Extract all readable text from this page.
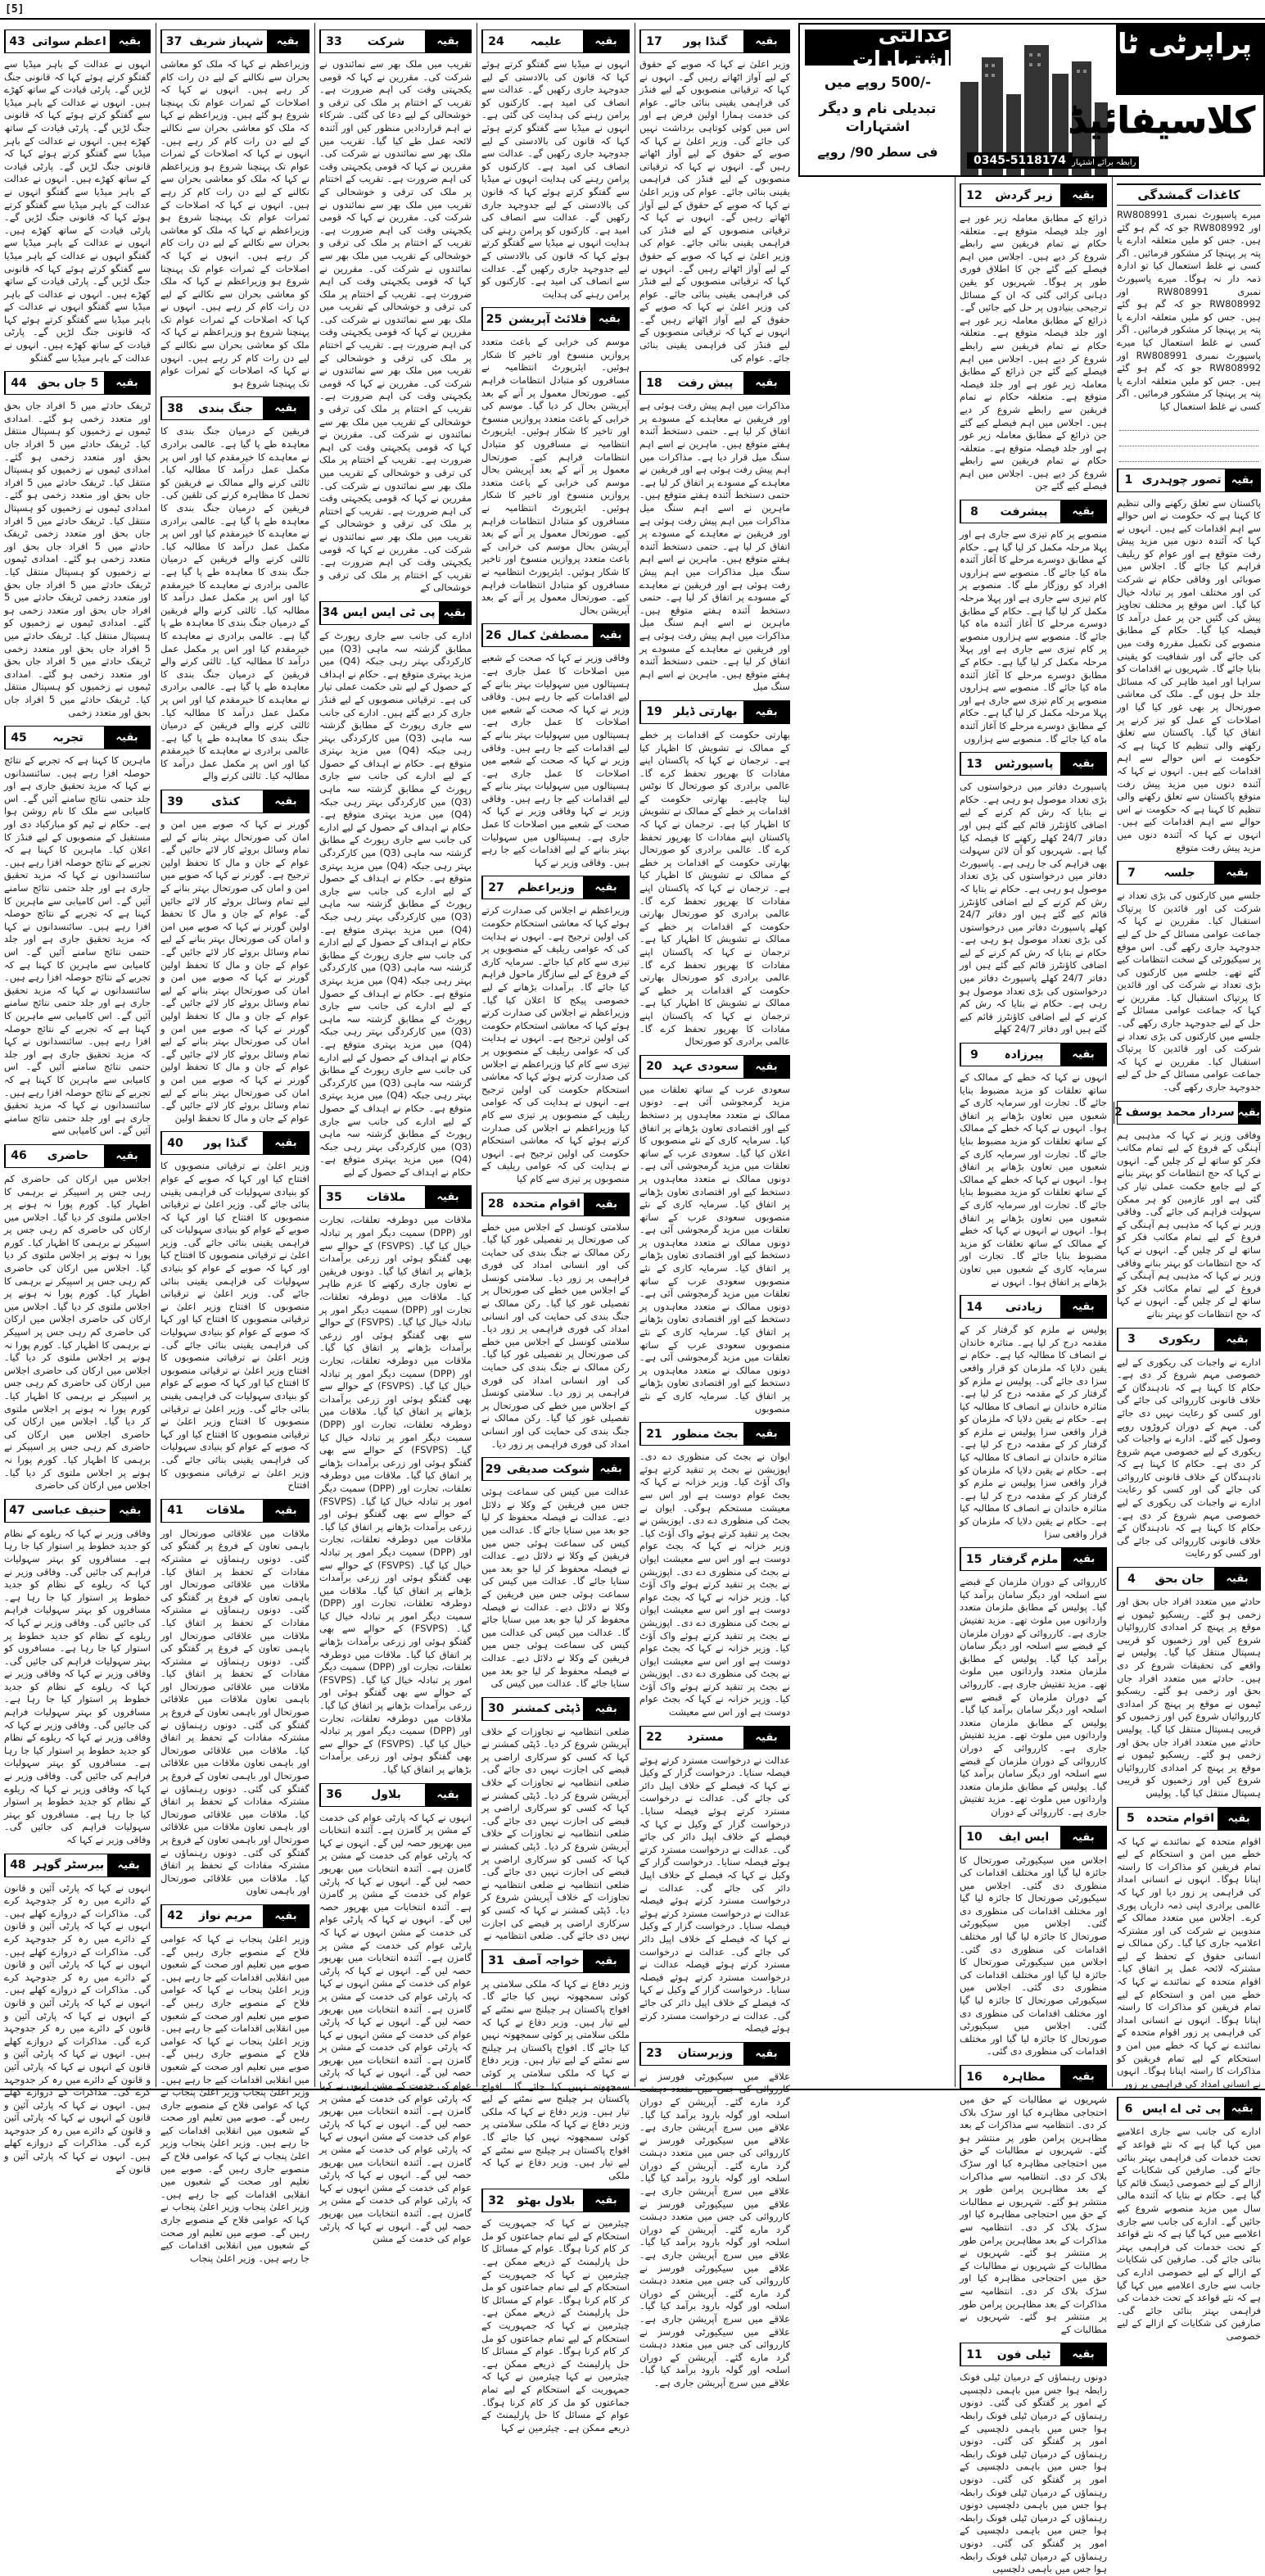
[5]
عدالتی اشتہارات
-/500 روپے میں
تبدیلی نام و دیگر اشتہارات
فی سطر 90/ روپے
پراپرٹی ٹائم
کلاسیفائیڈ
0345-5118174 رابطہ برائے اشتہار
کاغذات گمشدگی
میرے پاسپورٹ نمبری RW808991 اور RW808992 جو کہ گم ہو گئے ہیں۔ جس کو ملیں متعلقہ ادارے یا پتہ پر پہنچا کر مشکور فرمائیں۔ اگر کسی نے غلط استعمال کیا تو ادارہ ذمہ دار نہ ہوگا۔ میرے پاسپورٹ نمبری RW808991 اور RW808992 جو کہ گم ہو گئے ہیں۔ جس کو ملیں متعلقہ ادارے یا پتہ پر پہنچا کر مشکور فرمائیں۔ اگر کسی نے غلط استعمال کیا میرے پاسپورٹ نمبری RW808991 اور RW808992 جو کہ گم ہو گئے ہیں۔ جس کو ملیں متعلقہ ادارے یا پتہ پر پہنچا کر مشکور فرمائیں۔ اگر کسی نے غلط استعمال کیا
بقیہ
تصور چوہدری
1
پاکستان سے تعلق رکھنے والی تنظیم کا کہنا ہے کہ حکومت نے اس حوالے سے اہم اقدامات کیے ہیں۔ انہوں نے کہا کہ آئندہ دنوں میں مزید پیش رفت متوقع ہے اور عوام کو ریلیف فراہم کیا جائے گا۔ اجلاس میں صوبائی اور وفاقی حکام نے شرکت کی اور مختلف امور پر تبادلہ خیال کیا گیا۔ اس موقع پر مختلف تجاویز پیش کی گئیں جن پر عمل درآمد کا فیصلہ کیا گیا۔ حکام کے مطابق منصوبے کی تکمیل مقررہ وقت میں کی جائے گی اور شفافیت کو یقینی بنایا جائے گا۔ شہریوں نے اقدامات کو سراہا اور امید ظاہر کی کہ مسائل جلد حل ہوں گے۔ ملک کی معاشی صورتحال پر بھی غور کیا گیا اور اصلاحات کے عمل کو تیز کرنے پر اتفاق کیا گیا۔ پاکستان سے تعلق رکھنے والی تنظیم کا کہنا ہے کہ حکومت نے اس حوالے سے اہم اقدامات کیے ہیں۔ انہوں نے کہا کہ آئندہ دنوں میں مزید پیش رفت متوقع پاکستان سے تعلق رکھنے والی تنظیم کا کہنا ہے کہ حکومت نے اس حوالے سے اہم اقدامات کیے ہیں۔ انہوں نے کہا کہ آئندہ دنوں میں مزید پیش رفت متوقع
بقیہ
جلسہ
7
جلسے میں کارکنوں کی بڑی تعداد نے شرکت کی اور قائدین کا پرتپاک استقبال کیا۔ مقررین نے کہا کہ جماعت عوامی مسائل کے حل کے لیے جدوجہد جاری رکھے گی۔ اس موقع پر سیکیورٹی کے سخت انتظامات کیے گئے تھے۔ جلسے میں کارکنوں کی بڑی تعداد نے شرکت کی اور قائدین کا پرتپاک استقبال کیا۔ مقررین نے کہا کہ جماعت عوامی مسائل کے حل کے لیے جدوجہد جاری رکھے گی۔ جلسے میں کارکنوں کی بڑی تعداد نے شرکت کی اور قائدین کا پرتپاک استقبال کیا۔ مقررین نے کہا کہ جماعت عوامی مسائل کے حل کے لیے جدوجہد جاری رکھے گی۔
بقیہ
سردار محمد یوسف
2
وفاقی وزیر نے کہا کہ مذہبی ہم آہنگی کے فروغ کے لیے تمام مکاتب فکر کو ساتھ لے کر چلیں گے۔ انہوں نے کہا کہ حج انتظامات کو بہتر بنانے کے لیے جامع حکمت عملی تیار کی گئی ہے اور عازمین کو ہر ممکن سہولت فراہم کی جائے گی۔ وفاقی وزیر نے کہا کہ مذہبی ہم آہنگی کے فروغ کے لیے تمام مکاتب فکر کو ساتھ لے کر چلیں گے۔ انہوں نے کہا کہ حج انتظامات کو بہتر بنانے وفاقی وزیر نے کہا کہ مذہبی ہم آہنگی کے فروغ کے لیے تمام مکاتب فکر کو ساتھ لے کر چلیں گے۔ انہوں نے کہا کہ حج انتظامات کو بہتر بنانے
بقیہ
ریکوری
3
ادارے نے واجبات کی ریکوری کے لیے خصوصی مہم شروع کر دی ہے۔ حکام کا کہنا ہے کہ نادہندگان کے خلاف قانونی کارروائی کی جائے گی اور کسی کو رعایت نہیں دی جائے گی۔ مہم کے دوران کروڑوں روپے وصول کیے گئے۔ ادارے نے واجبات کی ریکوری کے لیے خصوصی مہم شروع کر دی ہے۔ حکام کا کہنا ہے کہ نادہندگان کے خلاف قانونی کارروائی کی جائے گی اور کسی کو رعایت ادارے نے واجبات کی ریکوری کے لیے خصوصی مہم شروع کر دی ہے۔ حکام کا کہنا ہے کہ نادہندگان کے خلاف قانونی کارروائی کی جائے گی اور کسی کو رعایت
بقیہ
جان بحق
4
حادثے میں متعدد افراد جاں بحق اور زخمی ہو گئے۔ ریسکیو ٹیموں نے موقع پر پہنچ کر امدادی کارروائیاں شروع کیں اور زخمیوں کو قریبی ہسپتال منتقل کیا گیا۔ پولیس نے واقعے کی تحقیقات شروع کر دی ہیں۔ حادثے میں متعدد افراد جاں بحق اور زخمی ہو گئے۔ ریسکیو ٹیموں نے موقع پر پہنچ کر امدادی کارروائیاں شروع کیں اور زخمیوں کو قریبی ہسپتال منتقل کیا گیا۔ پولیس حادثے میں متعدد افراد جاں بحق اور زخمی ہو گئے۔ ریسکیو ٹیموں نے موقع پر پہنچ کر امدادی کارروائیاں شروع کیں اور زخمیوں کو قریبی ہسپتال منتقل کیا گیا۔ پولیس
بقیہ
اقوام متحدہ
5
اقوام متحدہ کے نمائندے نے کہا کہ خطے میں امن و استحکام کے لیے تمام فریقین کو مذاکرات کا راستہ اپنانا ہوگا۔ انہوں نے انسانی امداد کی فراہمی پر زور دیا اور کہا کہ عالمی برادری اپنی ذمہ داریاں پوری کرے۔ اجلاس میں متعدد ممالک کے مندوبین نے شرکت کی اور مشترکہ اعلامیہ جاری کیا گیا۔ رکن ممالک نے انسانی حقوق کے تحفظ کے لیے مشترکہ لائحہ عمل پر اتفاق کیا۔ اقوام متحدہ کے نمائندے نے کہا کہ خطے میں امن و استحکام کے لیے تمام فریقین کو مذاکرات کا راستہ اپنانا ہوگا۔ انہوں نے انسانی امداد کی فراہمی پر زور اقوام متحدہ کے نمائندے نے کہا کہ خطے میں امن و استحکام کے لیے تمام فریقین کو مذاکرات کا راستہ اپنانا ہوگا۔ انہوں نے انسانی امداد کی فراہمی پر زور
بقیہ
پی ٹی اے ایس
6
ادارے کی جانب سے جاری اعلامیے میں کہا گیا ہے کہ نئے قواعد کے تحت خدمات کی فراہمی بہتر بنائی جائے گی۔ صارفین کی شکایات کے ازالے کے لیے خصوصی ڈیسک قائم کیا گیا ہے۔ حکام نے بتایا کہ آئندہ مالی سال میں مزید منصوبے شروع کیے جائیں گے۔ ادارے کی جانب سے جاری اعلامیے میں کہا گیا ہے کہ نئے قواعد کے تحت خدمات کی فراہمی بہتر بنائی جائے گی۔ صارفین کی شکایات کے ازالے کے لیے خصوصی ادارے کی جانب سے جاری اعلامیے میں کہا گیا ہے کہ نئے قواعد کے تحت خدمات کی فراہمی بہتر بنائی جائے گی۔ صارفین کی شکایات کے ازالے کے لیے خصوصی
بقیہ
زیر گردش
12
ذرائع کے مطابق معاملہ زیر غور ہے اور جلد فیصلہ متوقع ہے۔ متعلقہ حکام نے تمام فریقین سے رابطے شروع کر دیے ہیں۔ اجلاس میں اہم فیصلے کیے گئے جن کا اطلاق فوری طور پر ہوگا۔ شہریوں کو یقین دہانی کرائی گئی کہ ان کے مسائل ترجیحی بنیادوں پر حل کیے جائیں گے۔ ذرائع کے مطابق معاملہ زیر غور ہے اور جلد فیصلہ متوقع ہے۔ متعلقہ حکام نے تمام فریقین سے رابطے شروع کر دیے ہیں۔ اجلاس میں اہم فیصلے کیے گئے جن ذرائع کے مطابق معاملہ زیر غور ہے اور جلد فیصلہ متوقع ہے۔ متعلقہ حکام نے تمام فریقین سے رابطے شروع کر دیے ہیں۔ اجلاس میں اہم فیصلے کیے گئے جن ذرائع کے مطابق معاملہ زیر غور ہے اور جلد فیصلہ متوقع ہے۔ متعلقہ حکام نے تمام فریقین سے رابطے شروع کر دیے ہیں۔ اجلاس میں اہم فیصلے کیے گئے جن
بقیہ
پیشرفت
8
منصوبے پر کام تیزی سے جاری ہے اور پہلا مرحلہ مکمل کر لیا گیا ہے۔ حکام کے مطابق دوسرے مرحلے کا آغاز آئندہ ماہ کیا جائے گا۔ منصوبے سے ہزاروں افراد کو روزگار ملے گا۔ منصوبے پر کام تیزی سے جاری ہے اور پہلا مرحلہ مکمل کر لیا گیا ہے۔ حکام کے مطابق دوسرے مرحلے کا آغاز آئندہ ماہ کیا جائے گا۔ منصوبے سے ہزاروں منصوبے پر کام تیزی سے جاری ہے اور پہلا مرحلہ مکمل کر لیا گیا ہے۔ حکام کے مطابق دوسرے مرحلے کا آغاز آئندہ ماہ کیا جائے گا۔ منصوبے سے ہزاروں منصوبے پر کام تیزی سے جاری ہے اور پہلا مرحلہ مکمل کر لیا گیا ہے۔ حکام کے مطابق دوسرے مرحلے کا آغاز آئندہ ماہ کیا جائے گا۔ منصوبے سے ہزاروں
بقیہ
پاسپورٹس
13
پاسپورٹ دفاتر میں درخواستوں کی بڑی تعداد موصول ہو رہی ہے۔ حکام نے بتایا کہ رش کم کرنے کے لیے اضافی کاؤنٹرز قائم کیے گئے ہیں اور دفاتر 24/7 کھلے رکھنے کا فیصلہ کیا گیا ہے۔ شہریوں کو آن لائن سہولت بھی فراہم کی جا رہی ہے۔ پاسپورٹ دفاتر میں درخواستوں کی بڑی تعداد موصول ہو رہی ہے۔ حکام نے بتایا کہ رش کم کرنے کے لیے اضافی کاؤنٹرز قائم کیے گئے ہیں اور دفاتر 24/7 کھلے پاسپورٹ دفاتر میں درخواستوں کی بڑی تعداد موصول ہو رہی ہے۔ حکام نے بتایا کہ رش کم کرنے کے لیے اضافی کاؤنٹرز قائم کیے گئے ہیں اور دفاتر 24/7 کھلے پاسپورٹ دفاتر میں درخواستوں کی بڑی تعداد موصول ہو رہی ہے۔ حکام نے بتایا کہ رش کم کرنے کے لیے اضافی کاؤنٹرز قائم کیے گئے ہیں اور دفاتر 24/7 کھلے
بقیہ
پیرزادہ
9
انہوں نے کہا کہ خطے کے ممالک کے ساتھ تعلقات کو مزید مضبوط بنایا جائے گا۔ تجارت اور سرمایہ کاری کے شعبوں میں تعاون بڑھانے پر اتفاق ہوا۔ انہوں نے کہا کہ خطے کے ممالک کے ساتھ تعلقات کو مزید مضبوط بنایا جائے گا۔ تجارت اور سرمایہ کاری کے شعبوں میں تعاون بڑھانے پر اتفاق ہوا۔ انہوں نے کہا کہ خطے کے ممالک کے ساتھ تعلقات کو مزید مضبوط بنایا جائے گا۔ تجارت اور سرمایہ کاری کے شعبوں میں تعاون بڑھانے پر اتفاق ہوا۔ انہوں نے انہوں نے کہا کہ خطے کے ممالک کے ساتھ تعلقات کو مزید مضبوط بنایا جائے گا۔ تجارت اور سرمایہ کاری کے شعبوں میں تعاون بڑھانے پر اتفاق ہوا۔ انہوں نے
بقیہ
زیادتی
14
پولیس نے ملزم کو گرفتار کر کے مقدمہ درج کر لیا ہے۔ متاثرہ خاندان نے انصاف کا مطالبہ کیا ہے۔ حکام نے یقین دلایا کہ ملزمان کو قرار واقعی سزا دی جائے گی۔ پولیس نے ملزم کو گرفتار کر کے مقدمہ درج کر لیا ہے۔ متاثرہ خاندان نے انصاف کا مطالبہ کیا ہے۔ حکام نے یقین دلایا کہ ملزمان کو قرار واقعی سزا پولیس نے ملزم کو گرفتار کر کے مقدمہ درج کر لیا ہے۔ متاثرہ خاندان نے انصاف کا مطالبہ کیا ہے۔ حکام نے یقین دلایا کہ ملزمان کو قرار واقعی سزا پولیس نے ملزم کو گرفتار کر کے مقدمہ درج کر لیا ہے۔ متاثرہ خاندان نے انصاف کا مطالبہ کیا ہے۔ حکام نے یقین دلایا کہ ملزمان کو قرار واقعی سزا
بقیہ
ملزم گرفتار
15
کارروائی کے دوران ملزمان کے قبضے سے اسلحہ اور دیگر سامان برآمد کیا گیا۔ پولیس کے مطابق ملزمان متعدد وارداتوں میں ملوث تھے۔ مزید تفتیش جاری ہے۔ کارروائی کے دوران ملزمان کے قبضے سے اسلحہ اور دیگر سامان برآمد کیا گیا۔ پولیس کے مطابق ملزمان متعدد وارداتوں میں ملوث تھے۔ مزید تفتیش جاری ہے۔ کارروائی کے دوران ملزمان کے قبضے سے اسلحہ اور دیگر سامان برآمد کیا گیا۔ پولیس کے مطابق ملزمان متعدد وارداتوں میں ملوث تھے۔ مزید تفتیش جاری ہے۔ کارروائی کے دوران کارروائی کے دوران ملزمان کے قبضے سے اسلحہ اور دیگر سامان برآمد کیا گیا۔ پولیس کے مطابق ملزمان متعدد وارداتوں میں ملوث تھے۔ مزید تفتیش جاری ہے۔ کارروائی کے دوران
بقیہ
ایس ایف
10
اجلاس میں سیکیورٹی صورتحال کا جائزہ لیا گیا اور مختلف اقدامات کی منظوری دی گئی۔ اجلاس میں سیکیورٹی صورتحال کا جائزہ لیا گیا اور مختلف اقدامات کی منظوری دی گئی۔ اجلاس میں سیکیورٹی صورتحال کا جائزہ لیا گیا اور مختلف اقدامات کی منظوری دی گئی۔ اجلاس میں سیکیورٹی صورتحال کا جائزہ لیا گیا اور مختلف اقدامات کی منظوری دی گئی۔ اجلاس میں سیکیورٹی صورتحال کا جائزہ لیا گیا اور مختلف اقدامات کی منظوری دی گئی۔ اجلاس میں سیکیورٹی صورتحال کا جائزہ لیا گیا اور مختلف اقدامات کی منظوری دی گئی۔
بقیہ
مظاہرہ
16
شہریوں نے مطالبات کے حق میں احتجاجی مظاہرہ کیا اور سڑک بلاک کر دی۔ انتظامیہ سے مذاکرات کے بعد مظاہرین پرامن طور پر منتشر ہو گئے۔ شہریوں نے مطالبات کے حق میں احتجاجی مظاہرہ کیا اور سڑک بلاک کر دی۔ انتظامیہ سے مذاکرات کے بعد مظاہرین پرامن طور پر منتشر ہو گئے۔ شہریوں نے مطالبات کے حق میں احتجاجی مظاہرہ کیا اور سڑک بلاک کر دی۔ انتظامیہ سے مذاکرات کے بعد مظاہرین پرامن طور پر منتشر ہو گئے۔ شہریوں نے مطالبات کے شہریوں نے مطالبات کے حق میں احتجاجی مظاہرہ کیا اور سڑک بلاک کر دی۔ انتظامیہ سے مذاکرات کے بعد مظاہرین پرامن طور پر منتشر ہو گئے۔ شہریوں نے مطالبات کے
بقیہ
ٹیلی فون
11
دونوں رہنماؤں کے درمیان ٹیلی فونک رابطہ ہوا جس میں باہمی دلچسپی کے امور پر گفتگو کی گئی۔ دونوں رہنماؤں کے درمیان ٹیلی فونک رابطہ ہوا جس میں باہمی دلچسپی کے امور پر گفتگو کی گئی۔ دونوں رہنماؤں کے درمیان ٹیلی فونک رابطہ ہوا جس میں باہمی دلچسپی کے امور پر گفتگو کی گئی۔ دونوں رہنماؤں کے درمیان ٹیلی فونک رابطہ ہوا جس میں باہمی دلچسپی دونوں رہنماؤں کے درمیان ٹیلی فونک رابطہ ہوا جس میں باہمی دلچسپی کے امور پر گفتگو کی گئی۔ دونوں رہنماؤں کے درمیان ٹیلی فونک رابطہ ہوا جس میں باہمی دلچسپی
بقیہ
گنڈا پور
17
وزیر اعلیٰ نے کہا کہ صوبے کے حقوق کے لیے آواز اٹھاتے رہیں گے۔ انہوں نے کہا کہ ترقیاتی منصوبوں کے لیے فنڈز کی فراہمی یقینی بنائی جائے۔ عوام کی خدمت ہمارا اولین فرض ہے اور اس میں کوئی کوتاہی برداشت نہیں کی جائے گی۔ وزیر اعلیٰ نے کہا کہ صوبے کے حقوق کے لیے آواز اٹھاتے رہیں گے۔ انہوں نے کہا کہ ترقیاتی منصوبوں کے لیے فنڈز کی فراہمی یقینی بنائی جائے۔ عوام کی وزیر اعلیٰ نے کہا کہ صوبے کے حقوق کے لیے آواز اٹھاتے رہیں گے۔ انہوں نے کہا کہ ترقیاتی منصوبوں کے لیے فنڈز کی فراہمی یقینی بنائی جائے۔ عوام کی وزیر اعلیٰ نے کہا کہ صوبے کے حقوق کے لیے آواز اٹھاتے رہیں گے۔ انہوں نے کہا کہ ترقیاتی منصوبوں کے لیے فنڈز کی فراہمی یقینی بنائی جائے۔ عوام کی وزیر اعلیٰ نے کہا کہ صوبے کے حقوق کے لیے آواز اٹھاتے رہیں گے۔ انہوں نے کہا کہ ترقیاتی منصوبوں کے لیے فنڈز کی فراہمی یقینی بنائی جائے۔ عوام کی
بقیہ
پیش رفت
18
مذاکرات میں اہم پیش رفت ہوئی ہے اور فریقین نے معاہدے کے مسودے پر اتفاق کر لیا ہے۔ حتمی دستخط آئندہ ہفتے متوقع ہیں۔ ماہرین نے اسے اہم سنگ میل قرار دیا ہے۔ مذاکرات میں اہم پیش رفت ہوئی ہے اور فریقین نے معاہدے کے مسودے پر اتفاق کر لیا ہے۔ حتمی دستخط آئندہ ہفتے متوقع ہیں۔ ماہرین نے اسے اہم سنگ میل مذاکرات میں اہم پیش رفت ہوئی ہے اور فریقین نے معاہدے کے مسودے پر اتفاق کر لیا ہے۔ حتمی دستخط آئندہ ہفتے متوقع ہیں۔ ماہرین نے اسے اہم سنگ میل مذاکرات میں اہم پیش رفت ہوئی ہے اور فریقین نے معاہدے کے مسودے پر اتفاق کر لیا ہے۔ حتمی دستخط آئندہ ہفتے متوقع ہیں۔ ماہرین نے اسے اہم سنگ میل مذاکرات میں اہم پیش رفت ہوئی ہے اور فریقین نے معاہدے کے مسودے پر اتفاق کر لیا ہے۔ حتمی دستخط آئندہ ہفتے متوقع ہیں۔ ماہرین نے اسے اہم سنگ میل
بقیہ
بھارتی ڈیلر
19
بھارتی حکومت کے اقدامات پر خطے کے ممالک نے تشویش کا اظہار کیا ہے۔ ترجمان نے کہا کہ پاکستان اپنے مفادات کا بھرپور تحفظ کرے گا۔ عالمی برادری کو صورتحال کا نوٹس لینا چاہیے۔ بھارتی حکومت کے اقدامات پر خطے کے ممالک نے تشویش کا اظہار کیا ہے۔ ترجمان نے کہا کہ پاکستان اپنے مفادات کا بھرپور تحفظ کرے گا۔ عالمی برادری کو صورتحال بھارتی حکومت کے اقدامات پر خطے کے ممالک نے تشویش کا اظہار کیا ہے۔ ترجمان نے کہا کہ پاکستان اپنے مفادات کا بھرپور تحفظ کرے گا۔ عالمی برادری کو صورتحال بھارتی حکومت کے اقدامات پر خطے کے ممالک نے تشویش کا اظہار کیا ہے۔ ترجمان نے کہا کہ پاکستان اپنے مفادات کا بھرپور تحفظ کرے گا۔ عالمی برادری کو صورتحال بھارتی حکومت کے اقدامات پر خطے کے ممالک نے تشویش کا اظہار کیا ہے۔ ترجمان نے کہا کہ پاکستان اپنے مفادات کا بھرپور تحفظ کرے گا۔ عالمی برادری کو صورتحال
بقیہ
سعودی عہد
20
سعودی عرب کے ساتھ تعلقات میں مزید گرمجوشی آئی ہے۔ دونوں ممالک نے متعدد معاہدوں پر دستخط کیے اور اقتصادی تعاون بڑھانے پر اتفاق کیا۔ سرمایہ کاری کے نئے منصوبوں کا اعلان کیا گیا۔ سعودی عرب کے ساتھ تعلقات میں مزید گرمجوشی آئی ہے۔ دونوں ممالک نے متعدد معاہدوں پر دستخط کیے اور اقتصادی تعاون بڑھانے پر اتفاق کیا۔ سرمایہ کاری کے نئے منصوبوں سعودی عرب کے ساتھ تعلقات میں مزید گرمجوشی آئی ہے۔ دونوں ممالک نے متعدد معاہدوں پر دستخط کیے اور اقتصادی تعاون بڑھانے پر اتفاق کیا۔ سرمایہ کاری کے نئے منصوبوں سعودی عرب کے ساتھ تعلقات میں مزید گرمجوشی آئی ہے۔ دونوں ممالک نے متعدد معاہدوں پر دستخط کیے اور اقتصادی تعاون بڑھانے پر اتفاق کیا۔ سرمایہ کاری کے نئے منصوبوں سعودی عرب کے ساتھ تعلقات میں مزید گرمجوشی آئی ہے۔ دونوں ممالک نے متعدد معاہدوں پر دستخط کیے اور اقتصادی تعاون بڑھانے پر اتفاق کیا۔ سرمایہ کاری کے نئے منصوبوں
بقیہ
بجٹ منظور
21
ایوان نے بجٹ کی منظوری دے دی۔ اپوزیشن نے بجٹ پر تنقید کرتے ہوئے واک آؤٹ کیا۔ وزیر خزانہ نے کہا کہ بجٹ عوام دوست ہے اور اس سے معیشت مستحکم ہوگی۔ ایوان نے بجٹ کی منظوری دے دی۔ اپوزیشن نے بجٹ پر تنقید کرتے ہوئے واک آؤٹ کیا۔ وزیر خزانہ نے کہا کہ بجٹ عوام دوست ہے اور اس سے معیشت ایوان نے بجٹ کی منظوری دے دی۔ اپوزیشن نے بجٹ پر تنقید کرتے ہوئے واک آؤٹ کیا۔ وزیر خزانہ نے کہا کہ بجٹ عوام دوست ہے اور اس سے معیشت ایوان نے بجٹ کی منظوری دے دی۔ اپوزیشن نے بجٹ پر تنقید کرتے ہوئے واک آؤٹ کیا۔ وزیر خزانہ نے کہا کہ بجٹ عوام دوست ہے اور اس سے معیشت ایوان نے بجٹ کی منظوری دے دی۔ اپوزیشن نے بجٹ پر تنقید کرتے ہوئے واک آؤٹ کیا۔ وزیر خزانہ نے کہا کہ بجٹ عوام دوست ہے اور اس سے معیشت
بقیہ
مسترد
22
عدالت نے درخواست مسترد کرتے ہوئے فیصلہ سنایا۔ درخواست گزار کے وکیل نے کہا کہ فیصلے کے خلاف اپیل دائر کی جائے گی۔ عدالت نے درخواست مسترد کرتے ہوئے فیصلہ سنایا۔ درخواست گزار کے وکیل نے کہا کہ فیصلے کے خلاف اپیل دائر کی جائے گی۔ عدالت نے درخواست مسترد کرتے ہوئے فیصلہ سنایا۔ درخواست گزار کے وکیل نے کہا کہ فیصلے کے خلاف اپیل دائر کی جائے گی۔ عدالت نے درخواست مسترد کرتے ہوئے فیصلہ عدالت نے درخواست مسترد کرتے ہوئے فیصلہ سنایا۔ درخواست گزار کے وکیل نے کہا کہ فیصلے کے خلاف اپیل دائر کی جائے گی۔ عدالت نے درخواست مسترد کرتے ہوئے فیصلہ عدالت نے درخواست مسترد کرتے ہوئے فیصلہ سنایا۔ درخواست گزار کے وکیل نے کہا کہ فیصلے کے خلاف اپیل دائر کی جائے گی۔ عدالت نے درخواست مسترد کرتے ہوئے فیصلہ
بقیہ
وزیرستان
23
علاقے میں سیکیورٹی فورسز نے کارروائی کی جس میں متعدد دہشت گرد مارے گئے۔ آپریشن کے دوران اسلحہ اور گولہ بارود برآمد کیا گیا۔ علاقے میں سرچ آپریشن جاری ہے۔ علاقے میں سیکیورٹی فورسز نے کارروائی کی جس میں متعدد دہشت گرد مارے گئے۔ آپریشن کے دوران اسلحہ اور گولہ بارود برآمد کیا گیا۔ علاقے میں سرچ آپریشن جاری ہے۔ علاقے میں سیکیورٹی فورسز نے کارروائی کی جس میں متعدد دہشت گرد مارے گئے۔ آپریشن کے دوران اسلحہ اور گولہ بارود برآمد کیا گیا۔ علاقے میں سرچ آپریشن جاری ہے۔ علاقے میں سیکیورٹی فورسز نے کارروائی کی جس میں متعدد دہشت گرد مارے گئے۔ آپریشن کے دوران اسلحہ اور گولہ بارود برآمد کیا گیا۔ علاقے میں سرچ آپریشن جاری ہے۔ علاقے میں سیکیورٹی فورسز نے کارروائی کی جس میں متعدد دہشت گرد مارے گئے۔ آپریشن کے دوران اسلحہ اور گولہ بارود برآمد کیا گیا۔ علاقے میں سرچ آپریشن جاری ہے۔
بقیہ
علیمہ
24
انہوں نے میڈیا سے گفتگو کرتے ہوئے کہا کہ قانون کی بالادستی کے لیے جدوجہد جاری رکھیں گے۔ عدالت سے انصاف کی امید ہے۔ کارکنوں کو پرامن رہنے کی ہدایت کی گئی ہے۔ انہوں نے میڈیا سے گفتگو کرتے ہوئے کہا کہ قانون کی بالادستی کے لیے جدوجہد جاری رکھیں گے۔ عدالت سے انصاف کی امید ہے۔ کارکنوں کو پرامن رہنے کی ہدایت انہوں نے میڈیا سے گفتگو کرتے ہوئے کہا کہ قانون کی بالادستی کے لیے جدوجہد جاری رکھیں گے۔ عدالت سے انصاف کی امید ہے۔ کارکنوں کو پرامن رہنے کی ہدایت انہوں نے میڈیا سے گفتگو کرتے ہوئے کہا کہ قانون کی بالادستی کے لیے جدوجہد جاری رکھیں گے۔ عدالت سے انصاف کی امید ہے۔ کارکنوں کو پرامن رہنے کی ہدایت
بقیہ
فلائٹ آپریشن
25
موسم کی خرابی کے باعث متعدد پروازیں منسوخ اور تاخیر کا شکار ہوئیں۔ ایئرپورٹ انتظامیہ نے مسافروں کو متبادل انتظامات فراہم کیے۔ صورتحال معمول پر آنے کے بعد آپریشن بحال کر دیا گیا۔ موسم کی خرابی کے باعث متعدد پروازیں منسوخ اور تاخیر کا شکار ہوئیں۔ ایئرپورٹ انتظامیہ نے مسافروں کو متبادل انتظامات فراہم کیے۔ صورتحال معمول پر آنے کے بعد آپریشن بحال موسم کی خرابی کے باعث متعدد پروازیں منسوخ اور تاخیر کا شکار ہوئیں۔ ایئرپورٹ انتظامیہ نے مسافروں کو متبادل انتظامات فراہم کیے۔ صورتحال معمول پر آنے کے بعد آپریشن بحال موسم کی خرابی کے باعث متعدد پروازیں منسوخ اور تاخیر کا شکار ہوئیں۔ ایئرپورٹ انتظامیہ نے مسافروں کو متبادل انتظامات فراہم کیے۔ صورتحال معمول پر آنے کے بعد آپریشن بحال
بقیہ
مصطفیٰ کمال
26
وفاقی وزیر نے کہا کہ صحت کے شعبے میں اصلاحات کا عمل جاری ہے۔ ہسپتالوں میں سہولیات بہتر بنانے کے لیے اقدامات کیے جا رہے ہیں۔ وفاقی وزیر نے کہا کہ صحت کے شعبے میں اصلاحات کا عمل جاری ہے۔ ہسپتالوں میں سہولیات بہتر بنانے کے لیے اقدامات کیے جا رہے ہیں۔ وفاقی وزیر نے کہا کہ صحت کے شعبے میں اصلاحات کا عمل جاری ہے۔ ہسپتالوں میں سہولیات بہتر بنانے کے لیے اقدامات کیے جا رہے ہیں۔ وفاقی وزیر نے کہا وفاقی وزیر نے کہا کہ صحت کے شعبے میں اصلاحات کا عمل جاری ہے۔ ہسپتالوں میں سہولیات بہتر بنانے کے لیے اقدامات کیے جا رہے ہیں۔ وفاقی وزیر نے کہا
بقیہ
وزیراعظم
27
وزیراعظم نے اجلاس کی صدارت کرتے ہوئے کہا کہ معاشی استحکام حکومت کی اولین ترجیح ہے۔ انہوں نے ہدایت کی کہ عوامی ریلیف کے منصوبوں پر تیزی سے کام کیا جائے۔ سرمایہ کاری کے فروغ کے لیے سازگار ماحول فراہم کیا جائے گا۔ برآمدات بڑھانے کے لیے خصوصی پیکج کا اعلان کیا گیا۔ وزیراعظم نے اجلاس کی صدارت کرتے ہوئے کہا کہ معاشی استحکام حکومت کی اولین ترجیح ہے۔ انہوں نے ہدایت کی کہ عوامی ریلیف کے منصوبوں پر تیزی سے کام کیا وزیراعظم نے اجلاس کی صدارت کرتے ہوئے کہا کہ معاشی استحکام حکومت کی اولین ترجیح ہے۔ انہوں نے ہدایت کی کہ عوامی ریلیف کے منصوبوں پر تیزی سے کام کیا وزیراعظم نے اجلاس کی صدارت کرتے ہوئے کہا کہ معاشی استحکام حکومت کی اولین ترجیح ہے۔ انہوں نے ہدایت کی کہ عوامی ریلیف کے منصوبوں پر تیزی سے کام کیا
بقیہ
اقوام متحدہ
28
سلامتی کونسل کے اجلاس میں خطے کی صورتحال پر تفصیلی غور کیا گیا۔ رکن ممالک نے جنگ بندی کی حمایت کی اور انسانی امداد کی فوری فراہمی پر زور دیا۔ سلامتی کونسل کے اجلاس میں خطے کی صورتحال پر تفصیلی غور کیا گیا۔ رکن ممالک نے جنگ بندی کی حمایت کی اور انسانی امداد کی فوری فراہمی پر زور دیا۔ سلامتی کونسل کے اجلاس میں خطے کی صورتحال پر تفصیلی غور کیا گیا۔ رکن ممالک نے جنگ بندی کی حمایت کی اور انسانی امداد کی فوری فراہمی پر زور دیا۔ سلامتی کونسل کے اجلاس میں خطے کی صورتحال پر تفصیلی غور کیا گیا۔ رکن ممالک نے جنگ بندی کی حمایت کی اور انسانی امداد کی فوری فراہمی پر زور دیا۔
بقیہ
شوکت صدیقی
29
عدالت میں کیس کی سماعت ہوئی جس میں فریقین کے وکلا نے دلائل دیے۔ عدالت نے فیصلہ محفوظ کر لیا جو بعد میں سنایا جائے گا۔ عدالت میں کیس کی سماعت ہوئی جس میں فریقین کے وکلا نے دلائل دیے۔ عدالت نے فیصلہ محفوظ کر لیا جو بعد میں سنایا جائے گا۔ عدالت میں کیس کی سماعت ہوئی جس میں فریقین کے وکلا نے دلائل دیے۔ عدالت نے فیصلہ محفوظ کر لیا جو بعد میں سنایا جائے گا۔ عدالت میں کیس کی عدالت میں کیس کی سماعت ہوئی جس میں فریقین کے وکلا نے دلائل دیے۔ عدالت نے فیصلہ محفوظ کر لیا جو بعد میں سنایا جائے گا۔ عدالت میں کیس کی
بقیہ
ڈپٹی کمشنر
30
ضلعی انتظامیہ نے تجاوزات کے خلاف آپریشن شروع کر دیا۔ ڈپٹی کمشنر نے کہا کہ کسی کو سرکاری اراضی پر قبضے کی اجازت نہیں دی جائے گی۔ ضلعی انتظامیہ نے تجاوزات کے خلاف آپریشن شروع کر دیا۔ ڈپٹی کمشنر نے کہا کہ کسی کو سرکاری اراضی پر قبضے کی اجازت نہیں دی جائے گی۔ ضلعی انتظامیہ نے تجاوزات کے خلاف آپریشن شروع کر دیا۔ ڈپٹی کمشنر نے کہا کہ کسی کو سرکاری اراضی پر قبضے کی اجازت نہیں دی جائے گی۔ ضلعی انتظامیہ نے ضلعی انتظامیہ نے تجاوزات کے خلاف آپریشن شروع کر دیا۔ ڈپٹی کمشنر نے کہا کہ کسی کو سرکاری اراضی پر قبضے کی اجازت نہیں دی جائے گی۔ ضلعی انتظامیہ نے
بقیہ
خواجہ آصف
31
وزیر دفاع نے کہا کہ ملکی سلامتی پر کوئی سمجھوتہ نہیں کیا جائے گا۔ افواج پاکستان ہر چیلنج سے نمٹنے کے لیے تیار ہیں۔ وزیر دفاع نے کہا کہ ملکی سلامتی پر کوئی سمجھوتہ نہیں کیا جائے گا۔ افواج پاکستان ہر چیلنج سے نمٹنے کے لیے تیار ہیں۔ وزیر دفاع نے کہا کہ ملکی سلامتی پر کوئی سمجھوتہ نہیں کیا جائے گا۔ افواج پاکستان ہر چیلنج سے نمٹنے کے لیے تیار ہیں۔ وزیر دفاع نے کہا کہ ملکی وزیر دفاع نے کہا کہ ملکی سلامتی پر کوئی سمجھوتہ نہیں کیا جائے گا۔ افواج پاکستان ہر چیلنج سے نمٹنے کے لیے تیار ہیں۔ وزیر دفاع نے کہا کہ ملکی
بقیہ
بلاول بھٹو
32
چیئرمین نے کہا کہ جمہوریت کے استحکام کے لیے تمام جماعتوں کو مل کر کام کرنا ہوگا۔ عوام کے مسائل کا حل پارلیمنٹ کے ذریعے ممکن ہے۔ چیئرمین نے کہا کہ جمہوریت کے استحکام کے لیے تمام جماعتوں کو مل کر کام کرنا ہوگا۔ عوام کے مسائل کا حل پارلیمنٹ کے ذریعے ممکن ہے۔ چیئرمین نے کہا کہ جمہوریت کے استحکام کے لیے تمام جماعتوں کو مل کر کام کرنا ہوگا۔ عوام کے مسائل کا حل پارلیمنٹ کے ذریعے ممکن ہے۔ چیئرمین نے کہا چیئرمین نے کہا کہ جمہوریت کے استحکام کے لیے تمام جماعتوں کو مل کر کام کرنا ہوگا۔ عوام کے مسائل کا حل پارلیمنٹ کے ذریعے ممکن ہے۔ چیئرمین نے کہا
بقیہ
شرکت
33
تقریب میں ملک بھر سے نمائندوں نے شرکت کی۔ مقررین نے کہا کہ قومی یکجہتی وقت کی اہم ضرورت ہے۔ تقریب کے اختتام پر ملک کی ترقی و خوشحالی کے لیے دعا کی گئی۔ شرکاء نے اہم قراردادیں منظور کیں اور آئندہ لائحہ عمل طے کیا گیا۔ تقریب میں ملک بھر سے نمائندوں نے شرکت کی۔ مقررین نے کہا کہ قومی یکجہتی وقت کی اہم ضرورت ہے۔ تقریب کے اختتام پر ملک کی ترقی و خوشحالی کے تقریب میں ملک بھر سے نمائندوں نے شرکت کی۔ مقررین نے کہا کہ قومی یکجہتی وقت کی اہم ضرورت ہے۔ تقریب کے اختتام پر ملک کی ترقی و خوشحالی کے تقریب میں ملک بھر سے نمائندوں نے شرکت کی۔ مقررین نے کہا کہ قومی یکجہتی وقت کی اہم ضرورت ہے۔ تقریب کے اختتام پر ملک کی ترقی و خوشحالی کے تقریب میں ملک بھر سے نمائندوں نے شرکت کی۔ مقررین نے کہا کہ قومی یکجہتی وقت کی اہم ضرورت ہے۔ تقریب کے اختتام پر ملک کی ترقی و خوشحالی کے تقریب میں ملک بھر سے نمائندوں نے شرکت کی۔ مقررین نے کہا کہ قومی یکجہتی وقت کی اہم ضرورت ہے۔ تقریب کے اختتام پر ملک کی ترقی و خوشحالی کے تقریب میں ملک بھر سے نمائندوں نے شرکت کی۔ مقررین نے کہا کہ قومی یکجہتی وقت کی اہم ضرورت ہے۔ تقریب کے اختتام پر ملک کی ترقی و خوشحالی کے تقریب میں ملک بھر سے نمائندوں نے شرکت کی۔ مقررین نے کہا کہ قومی یکجہتی وقت کی اہم ضرورت ہے۔ تقریب کے اختتام پر ملک کی ترقی و خوشحالی کے تقریب میں ملک بھر سے نمائندوں نے شرکت کی۔ مقررین نے کہا کہ قومی یکجہتی وقت کی اہم ضرورت ہے۔ تقریب کے اختتام پر ملک کی ترقی و خوشحالی کے
بقیہ
پی ٹی ایس ایس
34
ادارے کی جانب سے جاری رپورٹ کے مطابق گزشتہ سہ ماہی (Q3) میں کارکردگی بہتر رہی جبکہ (Q4) میں مزید بہتری متوقع ہے۔ حکام نے اہداف کے حصول کے لیے نئی حکمت عملی تیار کی ہے۔ ترقیاتی منصوبوں کے لیے فنڈز جاری کر دیے گئے ہیں۔ ادارے کی جانب سے جاری رپورٹ کے مطابق گزشتہ سہ ماہی (Q3) میں کارکردگی بہتر رہی جبکہ (Q4) میں مزید بہتری متوقع ہے۔ حکام نے اہداف کے حصول کے لیے ادارے کی جانب سے جاری رپورٹ کے مطابق گزشتہ سہ ماہی (Q3) میں کارکردگی بہتر رہی جبکہ (Q4) میں مزید بہتری متوقع ہے۔ حکام نے اہداف کے حصول کے لیے ادارے کی جانب سے جاری رپورٹ کے مطابق گزشتہ سہ ماہی (Q3) میں کارکردگی بہتر رہی جبکہ (Q4) میں مزید بہتری متوقع ہے۔ حکام نے اہداف کے حصول کے لیے ادارے کی جانب سے جاری رپورٹ کے مطابق گزشتہ سہ ماہی (Q3) میں کارکردگی بہتر رہی جبکہ (Q4) میں مزید بہتری متوقع ہے۔ حکام نے اہداف کے حصول کے لیے ادارے کی جانب سے جاری رپورٹ کے مطابق گزشتہ سہ ماہی (Q3) میں کارکردگی بہتر رہی جبکہ (Q4) میں مزید بہتری متوقع ہے۔ حکام نے اہداف کے حصول کے لیے ادارے کی جانب سے جاری رپورٹ کے مطابق گزشتہ سہ ماہی (Q3) میں کارکردگی بہتر رہی جبکہ (Q4) میں مزید بہتری متوقع ہے۔ حکام نے اہداف کے حصول کے لیے ادارے کی جانب سے جاری رپورٹ کے مطابق گزشتہ سہ ماہی (Q3) میں کارکردگی بہتر رہی جبکہ (Q4) میں مزید بہتری متوقع ہے۔ حکام نے اہداف کے حصول کے لیے ادارے کی جانب سے جاری رپورٹ کے مطابق گزشتہ سہ ماہی (Q3) میں کارکردگی بہتر رہی جبکہ (Q4) میں مزید بہتری متوقع ہے۔ حکام نے اہداف کے حصول کے لیے
بقیہ
ملاقات
35
ملاقات میں دوطرفہ تعلقات، تجارت اور (DPP) سمیت دیگر امور پر تبادلہ خیال کیا گیا۔ (FSVPS) کے حوالے سے بھی گفتگو ہوئی اور زرعی برآمدات بڑھانے پر اتفاق کیا گیا۔ دونوں فریقین نے تعاون جاری رکھنے کا عزم ظاہر کیا۔ ملاقات میں دوطرفہ تعلقات، تجارت اور (DPP) سمیت دیگر امور پر تبادلہ خیال کیا گیا۔ (FSVPS) کے حوالے سے بھی گفتگو ہوئی اور زرعی برآمدات بڑھانے پر اتفاق کیا گیا۔ ملاقات میں دوطرفہ تعلقات، تجارت اور (DPP) سمیت دیگر امور پر تبادلہ خیال کیا گیا۔ (FSVPS) کے حوالے سے بھی گفتگو ہوئی اور زرعی برآمدات بڑھانے پر اتفاق کیا گیا۔ ملاقات میں دوطرفہ تعلقات، تجارت اور (DPP) سمیت دیگر امور پر تبادلہ خیال کیا گیا۔ (FSVPS) کے حوالے سے بھی گفتگو ہوئی اور زرعی برآمدات بڑھانے پر اتفاق کیا گیا۔ ملاقات میں دوطرفہ تعلقات، تجارت اور (DPP) سمیت دیگر امور پر تبادلہ خیال کیا گیا۔ (FSVPS) کے حوالے سے بھی گفتگو ہوئی اور زرعی برآمدات بڑھانے پر اتفاق کیا گیا۔ ملاقات میں دوطرفہ تعلقات، تجارت اور (DPP) سمیت دیگر امور پر تبادلہ خیال کیا گیا۔ (FSVPS) کے حوالے سے بھی گفتگو ہوئی اور زرعی برآمدات بڑھانے پر اتفاق کیا گیا۔ ملاقات میں دوطرفہ تعلقات، تجارت اور (DPP) سمیت دیگر امور پر تبادلہ خیال کیا گیا۔ (FSVPS) کے حوالے سے بھی گفتگو ہوئی اور زرعی برآمدات بڑھانے پر اتفاق کیا گیا۔ ملاقات میں دوطرفہ تعلقات، تجارت اور (DPP) سمیت دیگر امور پر تبادلہ خیال کیا گیا۔ (FSVPS) کے حوالے سے بھی گفتگو ہوئی اور زرعی برآمدات بڑھانے پر اتفاق کیا گیا۔ ملاقات میں دوطرفہ تعلقات، تجارت اور (DPP) سمیت دیگر امور پر تبادلہ خیال کیا گیا۔ (FSVPS) کے حوالے سے بھی گفتگو ہوئی اور زرعی برآمدات بڑھانے پر اتفاق کیا گیا۔
بقیہ
بلاول
36
انہوں نے کہا کہ پارٹی عوام کی خدمت کے مشن پر گامزن ہے۔ آئندہ انتخابات میں بھرپور حصہ لیں گے۔ انہوں نے کہا کہ پارٹی عوام کی خدمت کے مشن پر گامزن ہے۔ آئندہ انتخابات میں بھرپور حصہ لیں گے۔ انہوں نے کہا کہ پارٹی عوام کی خدمت کے مشن پر گامزن ہے۔ آئندہ انتخابات میں بھرپور حصہ لیں گے۔ انہوں نے کہا کہ پارٹی عوام کی خدمت کے مشن انہوں نے کہا کہ پارٹی عوام کی خدمت کے مشن پر گامزن ہے۔ آئندہ انتخابات میں بھرپور حصہ لیں گے۔ انہوں نے کہا کہ پارٹی عوام کی خدمت کے مشن انہوں نے کہا کہ پارٹی عوام کی خدمت کے مشن پر گامزن ہے۔ آئندہ انتخابات میں بھرپور حصہ لیں گے۔ انہوں نے کہا کہ پارٹی عوام کی خدمت کے مشن انہوں نے کہا کہ پارٹی عوام کی خدمت کے مشن پر گامزن ہے۔ آئندہ انتخابات میں بھرپور حصہ لیں گے۔ انہوں نے کہا کہ پارٹی عوام کی خدمت کے مشن انہوں نے کہا کہ پارٹی عوام کی خدمت کے مشن پر گامزن ہے۔ آئندہ انتخابات میں بھرپور حصہ لیں گے۔ انہوں نے کہا کہ پارٹی عوام کی خدمت کے مشن انہوں نے کہا کہ پارٹی عوام کی خدمت کے مشن پر گامزن ہے۔ آئندہ انتخابات میں بھرپور حصہ لیں گے۔ انہوں نے کہا کہ پارٹی عوام کی خدمت کے مشن انہوں نے کہا کہ پارٹی عوام کی خدمت کے مشن پر گامزن ہے۔ آئندہ انتخابات میں بھرپور حصہ لیں گے۔ انہوں نے کہا کہ پارٹی عوام کی خدمت کے مشن
بقیہ
شہباز شریف
37
وزیراعظم نے کہا کہ ملک کو معاشی بحران سے نکالنے کے لیے دن رات کام کر رہے ہیں۔ انہوں نے کہا کہ اصلاحات کے ثمرات عوام تک پہنچنا شروع ہو گئے ہیں۔ وزیراعظم نے کہا کہ ملک کو معاشی بحران سے نکالنے کے لیے دن رات کام کر رہے ہیں۔ انہوں نے کہا کہ اصلاحات کے ثمرات عوام تک پہنچنا شروع ہو وزیراعظم نے کہا کہ ملک کو معاشی بحران سے نکالنے کے لیے دن رات کام کر رہے ہیں۔ انہوں نے کہا کہ اصلاحات کے ثمرات عوام تک پہنچنا شروع ہو وزیراعظم نے کہا کہ ملک کو معاشی بحران سے نکالنے کے لیے دن رات کام کر رہے ہیں۔ انہوں نے کہا کہ اصلاحات کے ثمرات عوام تک پہنچنا شروع ہو وزیراعظم نے کہا کہ ملک کو معاشی بحران سے نکالنے کے لیے دن رات کام کر رہے ہیں۔ انہوں نے کہا کہ اصلاحات کے ثمرات عوام تک پہنچنا شروع ہو وزیراعظم نے کہا کہ ملک کو معاشی بحران سے نکالنے کے لیے دن رات کام کر رہے ہیں۔ انہوں نے کہا کہ اصلاحات کے ثمرات عوام تک پہنچنا شروع ہو
بقیہ
جنگ بندی
38
فریقین کے درمیان جنگ بندی کا معاہدہ طے پا گیا ہے۔ عالمی برادری نے معاہدے کا خیرمقدم کیا اور اس پر مکمل عمل درآمد کا مطالبہ کیا۔ ثالثی کرنے والے ممالک نے فریقین کو تحمل کا مظاہرہ کرنے کی تلقین کی۔ فریقین کے درمیان جنگ بندی کا معاہدہ طے پا گیا ہے۔ عالمی برادری نے معاہدے کا خیرمقدم کیا اور اس پر مکمل عمل درآمد کا مطالبہ کیا۔ ثالثی کرنے والے فریقین کے درمیان جنگ بندی کا معاہدہ طے پا گیا ہے۔ عالمی برادری نے معاہدے کا خیرمقدم کیا اور اس پر مکمل عمل درآمد کا مطالبہ کیا۔ ثالثی کرنے والے فریقین کے درمیان جنگ بندی کا معاہدہ طے پا گیا ہے۔ عالمی برادری نے معاہدے کا خیرمقدم کیا اور اس پر مکمل عمل درآمد کا مطالبہ کیا۔ ثالثی کرنے والے فریقین کے درمیان جنگ بندی کا معاہدہ طے پا گیا ہے۔ عالمی برادری نے معاہدے کا خیرمقدم کیا اور اس پر مکمل عمل درآمد کا مطالبہ کیا۔ ثالثی کرنے والے فریقین کے درمیان جنگ بندی کا معاہدہ طے پا گیا ہے۔ عالمی برادری نے معاہدے کا خیرمقدم کیا اور اس پر مکمل عمل درآمد کا مطالبہ کیا۔ ثالثی کرنے والے
بقیہ
کنڈی
39
گورنر نے کہا کہ صوبے میں امن و امان کی صورتحال بہتر بنانے کے لیے تمام وسائل بروئے کار لائے جائیں گے۔ عوام کے جان و مال کا تحفظ اولین ترجیح ہے۔ گورنر نے کہا کہ صوبے میں امن و امان کی صورتحال بہتر بنانے کے لیے تمام وسائل بروئے کار لائے جائیں گے۔ عوام کے جان و مال کا تحفظ اولین گورنر نے کہا کہ صوبے میں امن و امان کی صورتحال بہتر بنانے کے لیے تمام وسائل بروئے کار لائے جائیں گے۔ عوام کے جان و مال کا تحفظ اولین گورنر نے کہا کہ صوبے میں امن و امان کی صورتحال بہتر بنانے کے لیے تمام وسائل بروئے کار لائے جائیں گے۔ عوام کے جان و مال کا تحفظ اولین گورنر نے کہا کہ صوبے میں امن و امان کی صورتحال بہتر بنانے کے لیے تمام وسائل بروئے کار لائے جائیں گے۔ عوام کے جان و مال کا تحفظ اولین گورنر نے کہا کہ صوبے میں امن و امان کی صورتحال بہتر بنانے کے لیے تمام وسائل بروئے کار لائے جائیں گے۔ عوام کے جان و مال کا تحفظ اولین
بقیہ
گنڈا پور
40
وزیر اعلیٰ نے ترقیاتی منصوبوں کا افتتاح کیا اور کہا کہ صوبے کے عوام کو بنیادی سہولیات کی فراہمی یقینی بنائی جائے گی۔ وزیر اعلیٰ نے ترقیاتی منصوبوں کا افتتاح کیا اور کہا کہ صوبے کے عوام کو بنیادی سہولیات کی فراہمی یقینی بنائی جائے گی۔ وزیر اعلیٰ نے ترقیاتی منصوبوں کا افتتاح کیا اور کہا کہ صوبے کے عوام کو بنیادی سہولیات کی فراہمی یقینی بنائی جائے گی۔ وزیر اعلیٰ نے ترقیاتی منصوبوں کا افتتاح وزیر اعلیٰ نے ترقیاتی منصوبوں کا افتتاح کیا اور کہا کہ صوبے کے عوام کو بنیادی سہولیات کی فراہمی یقینی بنائی جائے گی۔ وزیر اعلیٰ نے ترقیاتی منصوبوں کا افتتاح وزیر اعلیٰ نے ترقیاتی منصوبوں کا افتتاح کیا اور کہا کہ صوبے کے عوام کو بنیادی سہولیات کی فراہمی یقینی بنائی جائے گی۔ وزیر اعلیٰ نے ترقیاتی منصوبوں کا افتتاح وزیر اعلیٰ نے ترقیاتی منصوبوں کا افتتاح کیا اور کہا کہ صوبے کے عوام کو بنیادی سہولیات کی فراہمی یقینی بنائی جائے گی۔ وزیر اعلیٰ نے ترقیاتی منصوبوں کا افتتاح
بقیہ
ملاقات
41
ملاقات میں علاقائی صورتحال اور باہمی تعاون کے فروغ پر گفتگو کی گئی۔ دونوں رہنماؤں نے مشترکہ مفادات کے تحفظ پر اتفاق کیا۔ ملاقات میں علاقائی صورتحال اور باہمی تعاون کے فروغ پر گفتگو کی گئی۔ دونوں رہنماؤں نے مشترکہ مفادات کے تحفظ پر اتفاق کیا۔ ملاقات میں علاقائی صورتحال اور باہمی تعاون کے فروغ پر گفتگو کی گئی۔ دونوں رہنماؤں نے مشترکہ مفادات کے تحفظ پر اتفاق کیا۔ ملاقات میں علاقائی صورتحال اور باہمی تعاون ملاقات میں علاقائی صورتحال اور باہمی تعاون کے فروغ پر گفتگو کی گئی۔ دونوں رہنماؤں نے مشترکہ مفادات کے تحفظ پر اتفاق کیا۔ ملاقات میں علاقائی صورتحال اور باہمی تعاون ملاقات میں علاقائی صورتحال اور باہمی تعاون کے فروغ پر گفتگو کی گئی۔ دونوں رہنماؤں نے مشترکہ مفادات کے تحفظ پر اتفاق کیا۔ ملاقات میں علاقائی صورتحال اور باہمی تعاون ملاقات میں علاقائی صورتحال اور باہمی تعاون کے فروغ پر گفتگو کی گئی۔ دونوں رہنماؤں نے مشترکہ مفادات کے تحفظ پر اتفاق کیا۔ ملاقات میں علاقائی صورتحال اور باہمی تعاون
بقیہ
مریم نواز
42
وزیر اعلیٰ پنجاب نے کہا کہ عوامی فلاح کے منصوبے جاری رہیں گے۔ صوبے میں تعلیم اور صحت کے شعبوں میں انقلابی اقدامات کیے جا رہے ہیں۔ وزیر اعلیٰ پنجاب نے کہا کہ عوامی فلاح کے منصوبے جاری رہیں گے۔ صوبے میں تعلیم اور صحت کے شعبوں میں انقلابی اقدامات کیے جا رہے ہیں۔ وزیر اعلیٰ پنجاب نے کہا کہ عوامی فلاح کے منصوبے جاری رہیں گے۔ صوبے میں تعلیم اور صحت کے شعبوں میں انقلابی اقدامات کیے جا رہے ہیں۔ وزیر اعلیٰ پنجاب وزیر اعلیٰ پنجاب نے کہا کہ عوامی فلاح کے منصوبے جاری رہیں گے۔ صوبے میں تعلیم اور صحت کے شعبوں میں انقلابی اقدامات کیے جا رہے ہیں۔ وزیر اعلیٰ پنجاب وزیر اعلیٰ پنجاب نے کہا کہ عوامی فلاح کے منصوبے جاری رہیں گے۔ صوبے میں تعلیم اور صحت کے شعبوں میں انقلابی اقدامات کیے جا رہے ہیں۔ وزیر اعلیٰ پنجاب وزیر اعلیٰ پنجاب نے کہا کہ عوامی فلاح کے منصوبے جاری رہیں گے۔ صوبے میں تعلیم اور صحت کے شعبوں میں انقلابی اقدامات کیے جا رہے ہیں۔ وزیر اعلیٰ پنجاب
بقیہ
اعظم سواتی
43
انہوں نے عدالت کے باہر میڈیا سے گفتگو کرتے ہوئے کہا کہ قانونی جنگ لڑیں گے۔ پارٹی قیادت کے ساتھ کھڑے ہیں۔ انہوں نے عدالت کے باہر میڈیا سے گفتگو کرتے ہوئے کہا کہ قانونی جنگ لڑیں گے۔ پارٹی قیادت کے ساتھ کھڑے ہیں۔ انہوں نے عدالت کے باہر میڈیا سے گفتگو کرتے ہوئے کہا کہ قانونی جنگ لڑیں گے۔ پارٹی قیادت کے ساتھ کھڑے ہیں۔ انہوں نے عدالت کے باہر میڈیا سے گفتگو انہوں نے عدالت کے باہر میڈیا سے گفتگو کرتے ہوئے کہا کہ قانونی جنگ لڑیں گے۔ پارٹی قیادت کے ساتھ کھڑے ہیں۔ انہوں نے عدالت کے باہر میڈیا سے گفتگو انہوں نے عدالت کے باہر میڈیا سے گفتگو کرتے ہوئے کہا کہ قانونی جنگ لڑیں گے۔ پارٹی قیادت کے ساتھ کھڑے ہیں۔ انہوں نے عدالت کے باہر میڈیا سے گفتگو انہوں نے عدالت کے باہر میڈیا سے گفتگو کرتے ہوئے کہا کہ قانونی جنگ لڑیں گے۔ پارٹی قیادت کے ساتھ کھڑے ہیں۔ انہوں نے عدالت کے باہر میڈیا سے گفتگو
بقیہ
5 جاں بحق
44
ٹریفک حادثے میں 5 افراد جاں بحق اور متعدد زخمی ہو گئے۔ امدادی ٹیموں نے زخمیوں کو ہسپتال منتقل کیا۔ ٹریفک حادثے میں 5 افراد جاں بحق اور متعدد زخمی ہو گئے۔ امدادی ٹیموں نے زخمیوں کو ہسپتال منتقل کیا۔ ٹریفک حادثے میں 5 افراد جاں بحق اور متعدد زخمی ہو گئے۔ امدادی ٹیموں نے زخمیوں کو ہسپتال منتقل کیا۔ ٹریفک حادثے میں 5 افراد جاں بحق اور متعدد زخمی ٹریفک حادثے میں 5 افراد جاں بحق اور متعدد زخمی ہو گئے۔ امدادی ٹیموں نے زخمیوں کو ہسپتال منتقل کیا۔ ٹریفک حادثے میں 5 افراد جاں بحق اور متعدد زخمی ٹریفک حادثے میں 5 افراد جاں بحق اور متعدد زخمی ہو گئے۔ امدادی ٹیموں نے زخمیوں کو ہسپتال منتقل کیا۔ ٹریفک حادثے میں 5 افراد جاں بحق اور متعدد زخمی ٹریفک حادثے میں 5 افراد جاں بحق اور متعدد زخمی ہو گئے۔ امدادی ٹیموں نے زخمیوں کو ہسپتال منتقل کیا۔ ٹریفک حادثے میں 5 افراد جاں بحق اور متعدد زخمی
بقیہ
تجربہ
45
ماہرین کا کہنا ہے کہ تجربے کے نتائج حوصلہ افزا رہے ہیں۔ سائنسدانوں نے کہا کہ مزید تحقیق جاری ہے اور جلد حتمی نتائج سامنے آئیں گے۔ اس کامیابی سے ملک کا نام روشن ہوا ہے۔ حکام نے ٹیم کو مبارکباد دی اور مستقبل کے منصوبوں کے لیے فنڈز کا اعلان کیا۔ ماہرین کا کہنا ہے کہ تجربے کے نتائج حوصلہ افزا رہے ہیں۔ سائنسدانوں نے کہا کہ مزید تحقیق جاری ہے اور جلد حتمی نتائج سامنے آئیں گے۔ اس کامیابی سے ماہرین کا کہنا ہے کہ تجربے کے نتائج حوصلہ افزا رہے ہیں۔ سائنسدانوں نے کہا کہ مزید تحقیق جاری ہے اور جلد حتمی نتائج سامنے آئیں گے۔ اس کامیابی سے ماہرین کا کہنا ہے کہ تجربے کے نتائج حوصلہ افزا رہے ہیں۔ سائنسدانوں نے کہا کہ مزید تحقیق جاری ہے اور جلد حتمی نتائج سامنے آئیں گے۔ اس کامیابی سے ماہرین کا کہنا ہے کہ تجربے کے نتائج حوصلہ افزا رہے ہیں۔ سائنسدانوں نے کہا کہ مزید تحقیق جاری ہے اور جلد حتمی نتائج سامنے آئیں گے۔ اس کامیابی سے ماہرین کا کہنا ہے کہ تجربے کے نتائج حوصلہ افزا رہے ہیں۔ سائنسدانوں نے کہا کہ مزید تحقیق جاری ہے اور جلد حتمی نتائج سامنے آئیں گے۔ اس کامیابی سے
بقیہ
حاضری
46
اجلاس میں ارکان کی حاضری کم رہی جس پر اسپیکر نے برہمی کا اظہار کیا۔ کورم پورا نہ ہونے پر اجلاس ملتوی کر دیا گیا۔ اجلاس میں ارکان کی حاضری کم رہی جس پر اسپیکر نے برہمی کا اظہار کیا۔ کورم پورا نہ ہونے پر اجلاس ملتوی کر دیا گیا۔ اجلاس میں ارکان کی حاضری کم رہی جس پر اسپیکر نے برہمی کا اظہار کیا۔ کورم پورا نہ ہونے پر اجلاس ملتوی کر دیا گیا۔ اجلاس میں ارکان کی حاضری اجلاس میں ارکان کی حاضری کم رہی جس پر اسپیکر نے برہمی کا اظہار کیا۔ کورم پورا نہ ہونے پر اجلاس ملتوی کر دیا گیا۔ اجلاس میں ارکان کی حاضری اجلاس میں ارکان کی حاضری کم رہی جس پر اسپیکر نے برہمی کا اظہار کیا۔ کورم پورا نہ ہونے پر اجلاس ملتوی کر دیا گیا۔ اجلاس میں ارکان کی حاضری اجلاس میں ارکان کی حاضری کم رہی جس پر اسپیکر نے برہمی کا اظہار کیا۔ کورم پورا نہ ہونے پر اجلاس ملتوی کر دیا گیا۔ اجلاس میں ارکان کی حاضری
بقیہ
حنیف عباسی
47
وفاقی وزیر نے کہا کہ ریلوے کے نظام کو جدید خطوط پر استوار کیا جا رہا ہے۔ مسافروں کو بہتر سہولیات فراہم کی جائیں گی۔ وفاقی وزیر نے کہا کہ ریلوے کے نظام کو جدید خطوط پر استوار کیا جا رہا ہے۔ مسافروں کو بہتر سہولیات فراہم کی جائیں گی۔ وفاقی وزیر نے کہا کہ ریلوے کے نظام کو جدید خطوط پر استوار کیا جا رہا ہے۔ مسافروں کو بہتر سہولیات فراہم کی جائیں گی۔ وفاقی وزیر نے کہا کہ وفاقی وزیر نے کہا کہ ریلوے کے نظام کو جدید خطوط پر استوار کیا جا رہا ہے۔ مسافروں کو بہتر سہولیات فراہم کی جائیں گی۔ وفاقی وزیر نے کہا کہ وفاقی وزیر نے کہا کہ ریلوے کے نظام کو جدید خطوط پر استوار کیا جا رہا ہے۔ مسافروں کو بہتر سہولیات فراہم کی جائیں گی۔ وفاقی وزیر نے کہا کہ وفاقی وزیر نے کہا کہ ریلوے کے نظام کو جدید خطوط پر استوار کیا جا رہا ہے۔ مسافروں کو بہتر سہولیات فراہم کی جائیں گی۔ وفاقی وزیر نے کہا کہ
بقیہ
بیرسٹر گوہر
48
انہوں نے کہا کہ پارٹی آئین و قانون کے دائرے میں رہ کر جدوجہد کرے گی۔ مذاکرات کے دروازے کھلے ہیں۔ انہوں نے کہا کہ پارٹی آئین و قانون کے دائرے میں رہ کر جدوجہد کرے گی۔ مذاکرات کے دروازے کھلے ہیں۔ انہوں نے کہا کہ پارٹی آئین و قانون کے دائرے میں رہ کر جدوجہد کرے گی۔ مذاکرات کے دروازے کھلے ہیں۔ انہوں نے کہا کہ پارٹی آئین و قانون کے انہوں نے کہا کہ پارٹی آئین و قانون کے دائرے میں رہ کر جدوجہد کرے گی۔ مذاکرات کے دروازے کھلے ہیں۔ انہوں نے کہا کہ پارٹی آئین و قانون کے انہوں نے کہا کہ پارٹی آئین و قانون کے دائرے میں رہ کر جدوجہد کرے گی۔ مذاکرات کے دروازے کھلے ہیں۔ انہوں نے کہا کہ پارٹی آئین و قانون کے انہوں نے کہا کہ پارٹی آئین و قانون کے دائرے میں رہ کر جدوجہد کرے گی۔ مذاکرات کے دروازے کھلے ہیں۔ انہوں نے کہا کہ پارٹی آئین و قانون کے
